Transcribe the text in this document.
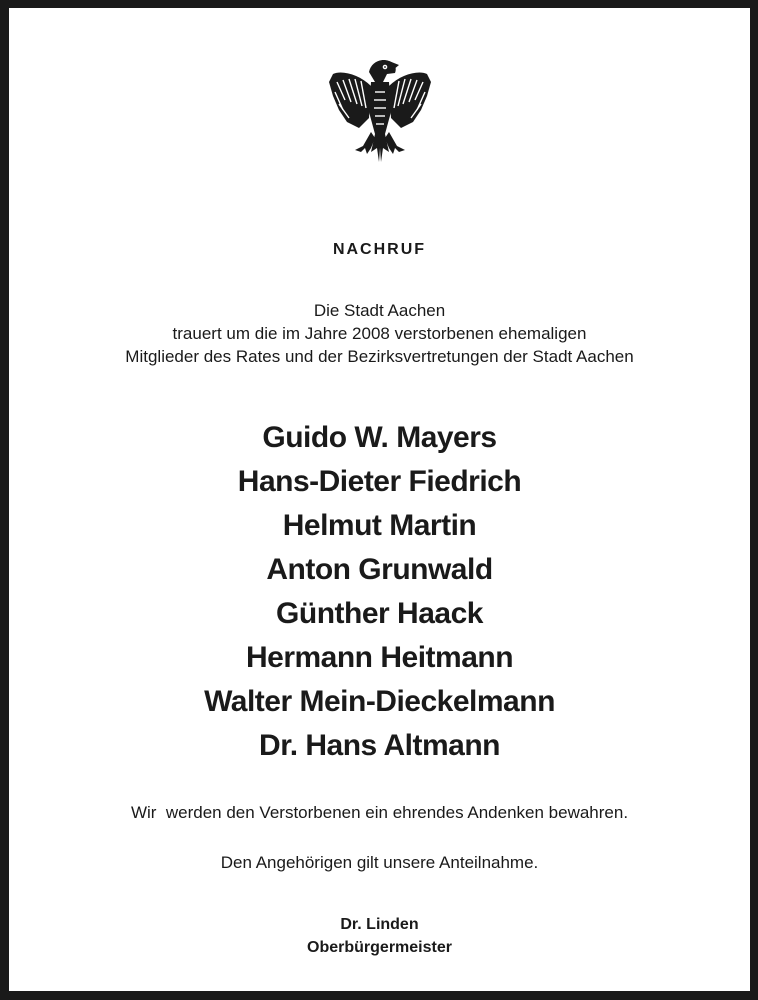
NACHRUF
Die Stadt Aachen
trauert um die im Jahre 2008 verstorbenen ehemaligen
Mitglieder des Rates und der Bezirksvertretungen der Stadt Aachen
Guido W. Mayers
Hans-Dieter Fiedrich
Helmut Martin
Anton Grunwald
Günther Haack
Hermann Heitmann
Walter Mein-Dieckelmann
Dr. Hans Altmann
Wir  werden den Verstorbenen ein ehrendes Andenken bewahren.
Den Angehörigen gilt unsere Anteilnahme.
Dr. Linden
Oberbürgermeister
